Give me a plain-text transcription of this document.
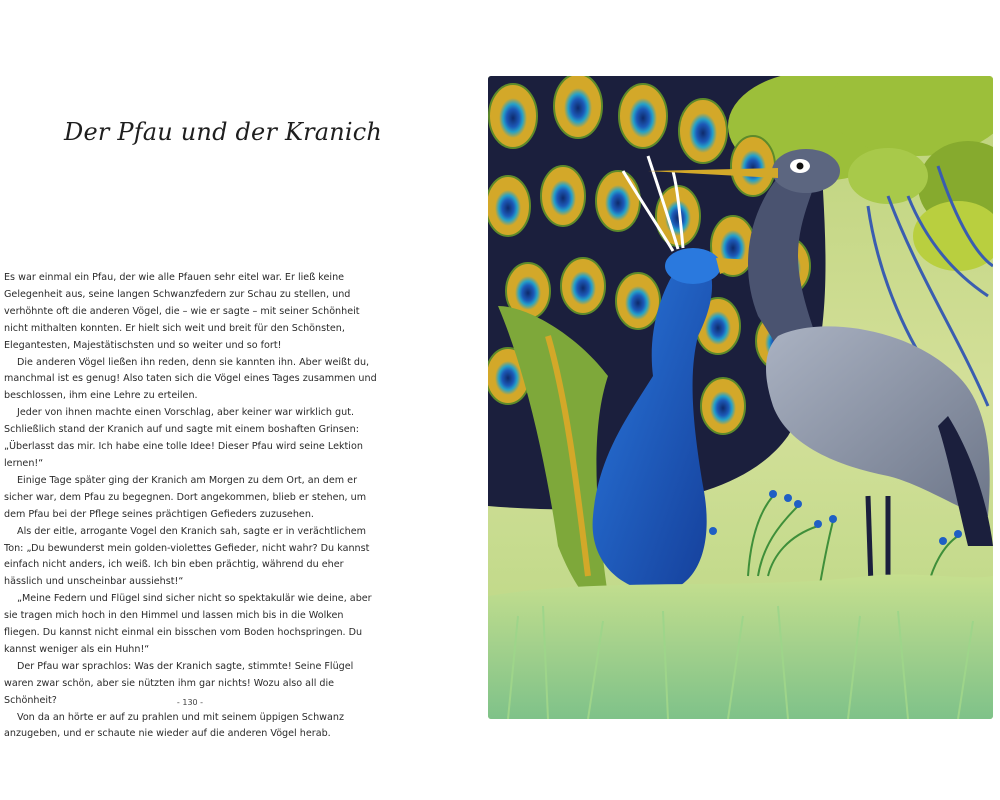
Der Pfau und der Kranich

Es war einmal ein Pfau, der wie alle Pfauen sehr eitel war. Er ließ keine Gelegenheit aus, seine langen Schwanzfedern zur Schau zu stellen, und verhöhnte oft die anderen Vögel, die – wie er sagte – mit seiner Schönheit nicht mithalten konnten. Er hielt sich weit und breit für den Schönsten, Elegantesten, Majestätischsten und so weiter und so fort!

Die anderen Vögel ließen ihn reden, denn sie kannten ihn. Aber weißt du, manchmal ist es genug! Also taten sich die Vögel eines Tages zusammen und beschlossen, ihm eine Lehre zu erteilen.

Jeder von ihnen machte einen Vorschlag, aber keiner war wirklich gut. Schließlich stand der Kranich auf und sagte mit einem boshaften Grinsen: „Überlasst das mir. Ich habe eine tolle Idee! Dieser Pfau wird seine Lektion lernen!“

Einige Tage später ging der Kranich am Morgen zu dem Ort, an dem er sicher war, dem Pfau zu begegnen. Dort angekommen, blieb er stehen, um dem Pfau bei der Pflege seines prächtigen Gefieders zuzusehen.

Als der eitle, arrogante Vogel den Kranich sah, sagte er in verächtlichem Ton: „Du bewunderst mein golden-violettes Gefieder, nicht wahr? Du kannst einfach nicht anders, ich weiß. Ich bin eben prächtig, während du eher hässlich und unscheinbar aussiehst!“

„Meine Federn und Flügel sind sicher nicht so spektakulär wie deine, aber sie tragen mich hoch in den Himmel und lassen mich bis in die Wolken fliegen. Du kannst nicht einmal ein bisschen vom Boden hochspringen. Du kannst weniger als ein Huhn!“

Der Pfau war sprachlos: Was der Kranich sagte, stimmte! Seine Flügel waren zwar schön, aber sie nützten ihm gar nichts! Wozu also all die Schönheit?

Von da an hörte er auf zu prahlen und mit seinem üppigen Schwanz anzugeben, und er schaute nie wieder auf die anderen Vögel herab.

- 130 -
